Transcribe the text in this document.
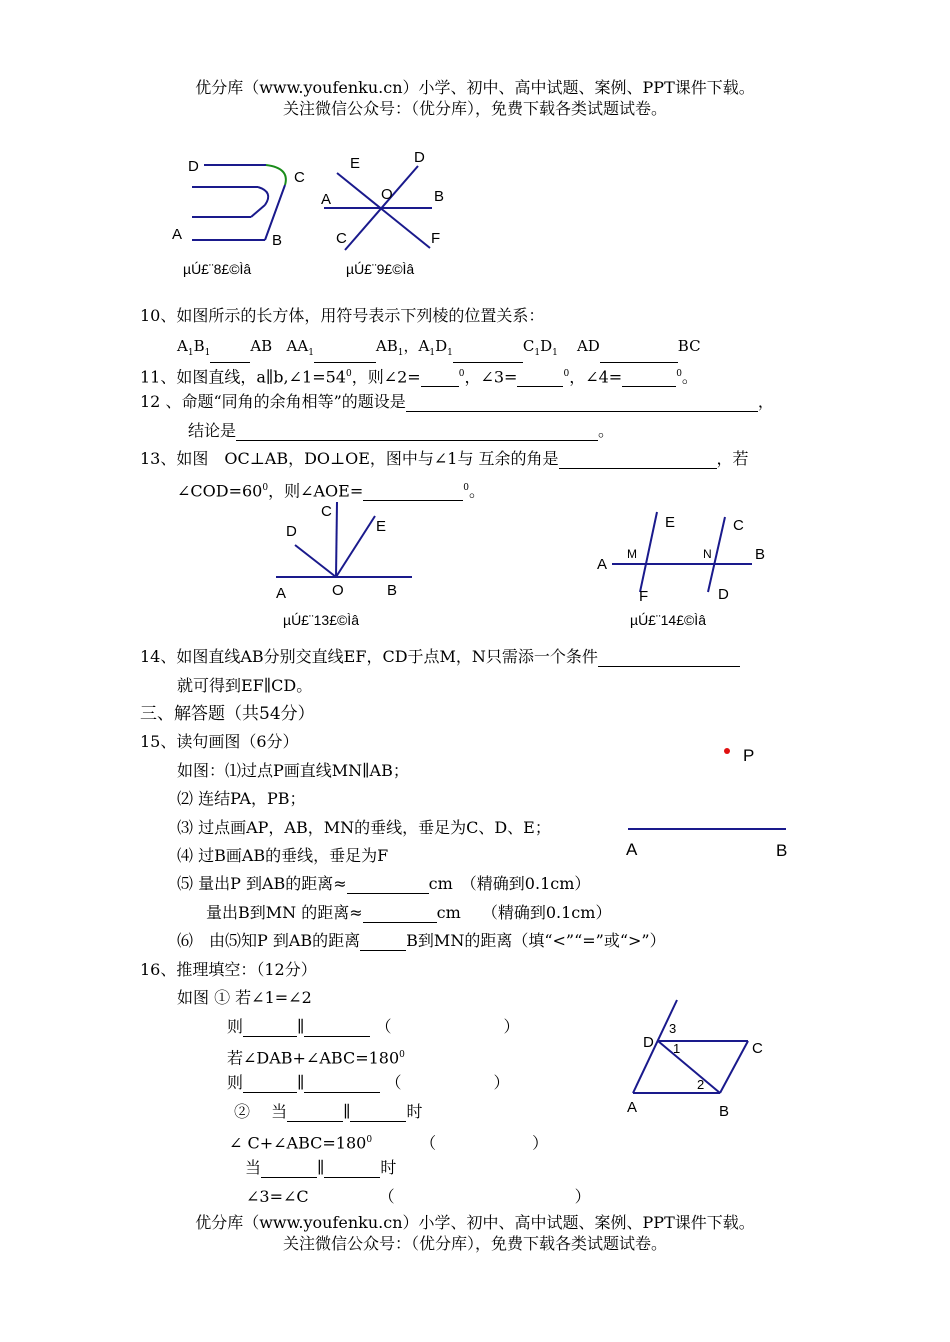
优分库（www.youfenku.cn）小学、初中、高中试题、案例、PPT课件下载。
关注微信公众号：（优分库），免费下载各类试题试卷。
D
C
A	B
E	D
A	O	B
C	F
C
D	E
A	O	B
E	C
M	N
A
B
F	D
P
A	B
3
D 1	C
2
A	B
µÚ£¨8£©Ìâ	µÚ£¨9£©Ìâ
µÚ£¨13£©Ìâ	µÚ£¨14£©Ìâ
10、如图所示的长方体，用符号表示下列棱的位置关系：
$A_1B_1$	AB $AA_1$	$AB_1$，$A_1D_1$	$C_1D_1$ AD	BC
11、如图直线，$a\parallel b,\angle 1=54^0$，则∠2=	$^0$，∠3=	$^0$，∠4=	$^0$。
12 、命题“同角的余角相等”的题设是	，
结论是	。
13、如图　OC⊥AB，DO⊥OE，图中与∠1与 互余的角是	，若
$\angle COD=60^0$，则∠AOE=	$^0$。
14、如图直线AB分别交直线EF，CD于点M，N只需添一个条件
就可得到EF∥CD。
三、解答题（共54分）
15、读句画图（6分）
如图：⑴过点P画直线MN∥AB；
⑵ 连结PA，PB；
⑶ 过点画AP，AB，MN的垂线，垂足为C、D、E；
⑷ 过B画AB的垂线，垂足为F
⑸ 量出P 到AB的距离≈	cm　（精确到0.1cm）
量出B到MN 的距离≈	cm　 （精确到0.1cm）
⑹　由⑸知P 到AB的距离	B到MN的距离（填“<”“=”或“>”）
16、推理填空：（12分）
如图 ① 若∠1=∠2
则	∥	（	）
若$\angle DAB+\angle ABC=180^0$
则	∥	（	）
②　 当	∥	时
∠ $C+\angle ABC=180^0$	（	）
当	∥	时
∠3=∠C	（	）
优分库（www.youfenku.cn）小学、初中、高中试题、案例、PPT课件下载。
关注微信公众号：（优分库），免费下载各类试题试卷。
